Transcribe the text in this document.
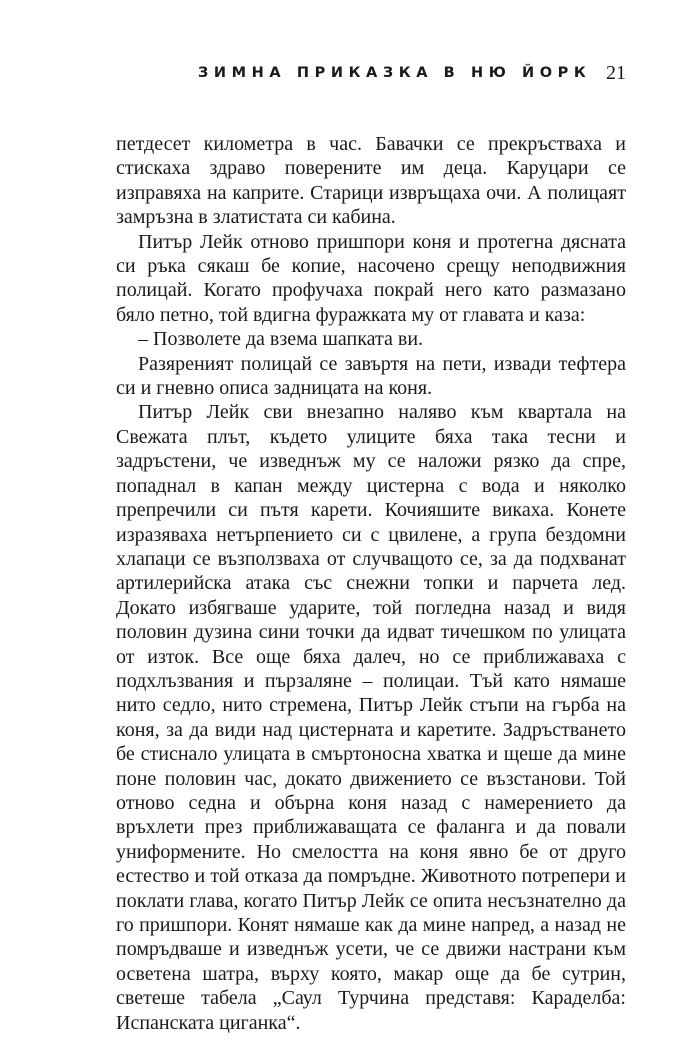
ЗИМНА ПРИКАЗКА В НЮ ЙОРК 21

петдесет километра в час. Бавачки се прекръстваха и стискаха здраво поверените им деца. Каруцари се изправяха на каприте. Старици извръщаха очи. А полицаят замръзна в златистата си кабина.

Питър Лейк отново пришпори коня и протегна дясната си ръка сякаш бе копие, насочено срещу неподвижния полицай. Когато профучаха покрай него като размазано бяло петно, той вдигна фуражката му от главата и каза:

– Позволете да взема шапката ви.

Разяреният полицай се завъртя на пети, извади тефтера си и гневно описа задницата на коня.

Питър Лейк сви внезапно наляво към квартала на Свежата плът, където улиците бяха така тесни и задръстени, че изведнъж му се наложи рязко да спре, попаднал в капан между цистерна с вода и няколко препречили си пътя карети. Кочияшите викаха. Конете изразяваха нетърпението си с цвилене, а група бездомни хлапаци се възползваха от случващото се, за да подхванат артилерийска атака със снежни топки и парчета лед. Докато избягваше ударите, той погледна назад и видя половин дузина сини точки да идват тичешком по улицата от изток. Все още бяха далеч, но се приближаваха с подхлъзвания и пързаляне – полицаи. Тъй като нямаше нито седло, нито стремена, Питър Лейк стъпи на гърба на коня, за да види над цистерната и каретите. Задръстването бе стиснало улицата в смъртоносна хватка и щеше да мине поне половин час, докато движението се възстанови. Той отново седна и обърна коня назад с намерението да връхлети през приближаващата се фаланга и да повали униформените. Но смелостта на коня явно бе от друго естество и той отказа да помръдне. Животното потрепери и поклати глава, когато Питър Лейк се опита несъзнателно да го пришпори. Конят нямаше как да мине напред, а назад не помръдваше и изведнъж усети, че се движи настрани към осветена шатра, върху която, макар още да бе сутрин, светеше табела „Саул Турчина представя: Караделба: Испанската циганка“.
